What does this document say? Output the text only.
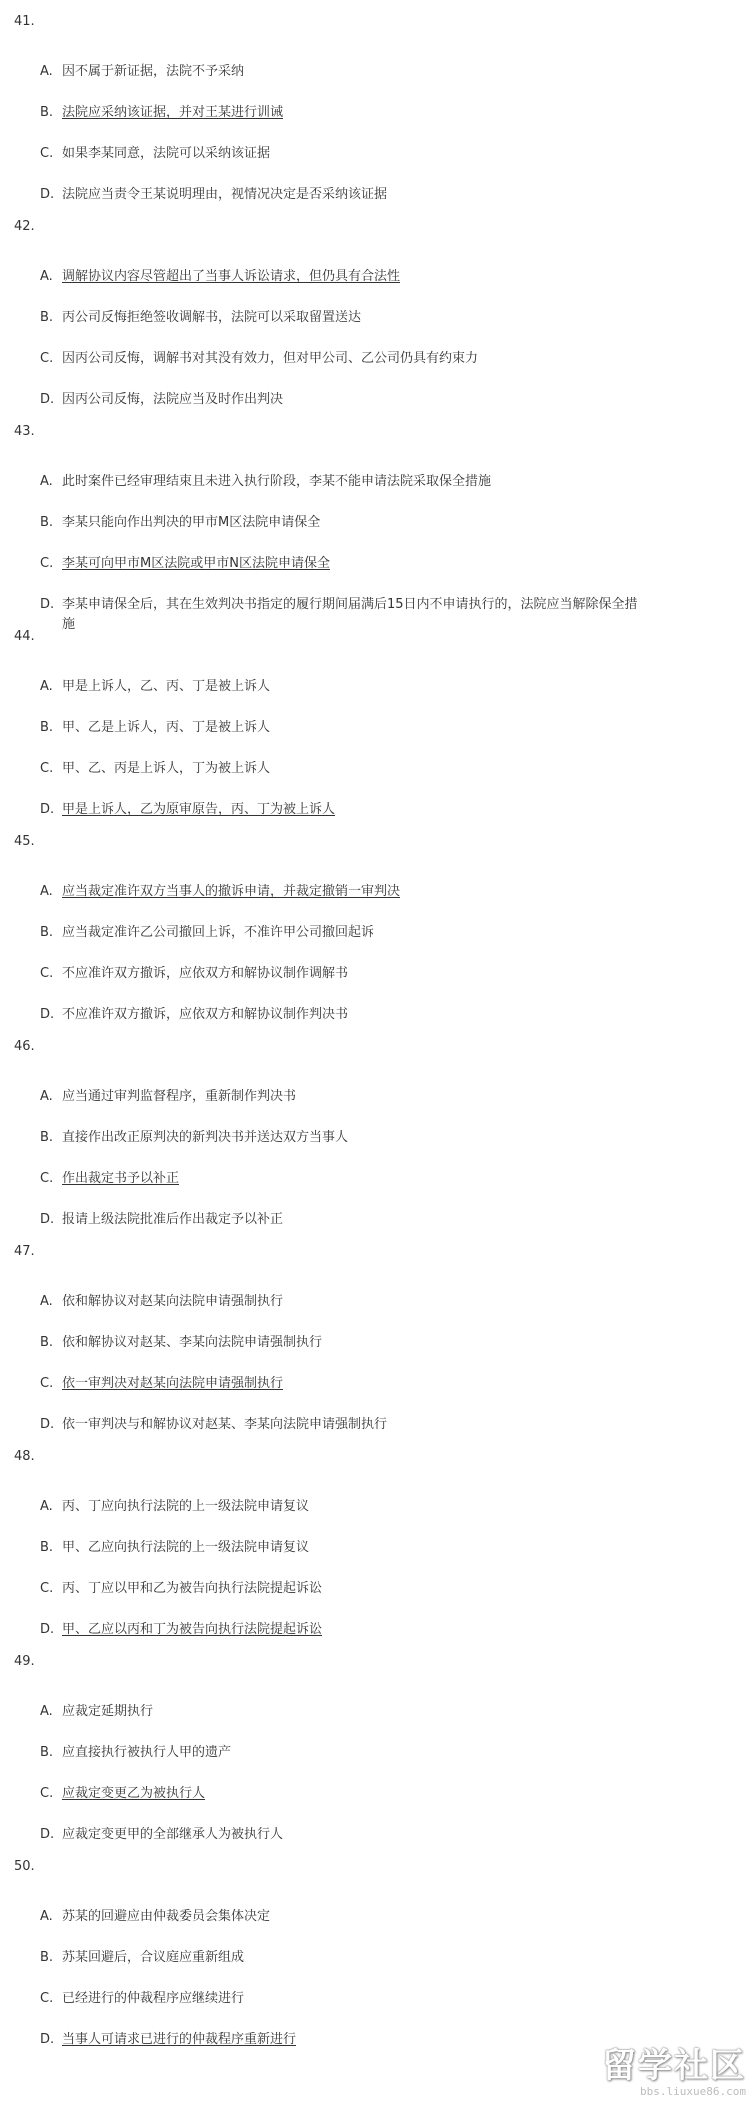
41.
A. 因不属于新证据，法院不予采纳
B. 法院应采纳该证据，并对王某进行训诫
C. 如果李某同意，法院可以采纳该证据
D. 法院应当责令王某说明理由，视情况决定是否采纳该证据
42.
A. 调解协议内容尽管超出了当事人诉讼请求，但仍具有合法性
B. 丙公司反悔拒绝签收调解书，法院可以采取留置送达
C. 因丙公司反悔，调解书对其没有效力，但对甲公司、乙公司仍具有约束力
D. 因丙公司反悔，法院应当及时作出判决
43.
A. 此时案件已经审理结束且未进入执行阶段，李某不能申请法院采取保全措施
B. 李某只能向作出判决的甲市M区法院申请保全
C. 李某可向甲市M区法院或甲市N区法院申请保全
D. 李某申请保全后，其在生效判决书指定的履行期间届满后15日内不申请执行的，法院应当解除保全措
施
44.
A. 甲是上诉人，乙、丙、丁是被上诉人
B. 甲、乙是上诉人，丙、丁是被上诉人
C. 甲、乙、丙是上诉人，丁为被上诉人
D. 甲是上诉人，乙为原审原告，丙、丁为被上诉人
45.
A. 应当裁定准许双方当事人的撤诉申请，并裁定撤销一审判决
B. 应当裁定准许乙公司撤回上诉，不准许甲公司撤回起诉
C. 不应准许双方撤诉，应依双方和解协议制作调解书
D. 不应准许双方撤诉，应依双方和解协议制作判决书
46.
A. 应当通过审判监督程序，重新制作判决书
B. 直接作出改正原判决的新判决书并送达双方当事人
C. 作出裁定书予以补正
D. 报请上级法院批准后作出裁定予以补正
47.
A. 依和解协议对赵某向法院申请强制执行
B. 依和解协议对赵某、李某向法院申请强制执行
C. 依一审判决对赵某向法院申请强制执行
D. 依一审判决与和解协议对赵某、李某向法院申请强制执行
48.
A. 丙、丁应向执行法院的上一级法院申请复议
B. 甲、乙应向执行法院的上一级法院申请复议
C. 丙、丁应以甲和乙为被告向执行法院提起诉讼
D. 甲、乙应以丙和丁为被告向执行法院提起诉讼
49.
A. 应裁定延期执行
B. 应直接执行被执行人甲的遗产
C. 应裁定变更乙为被执行人
D. 应裁定变更甲的全部继承人为被执行人
50.
A. 苏某的回避应由仲裁委员会集体决定
B. 苏某回避后，合议庭应重新组成
C. 已经进行的仲裁程序应继续进行
D. 当事人可请求已进行的仲裁程序重新进行
留学社区
bbs.liuxue86.com
